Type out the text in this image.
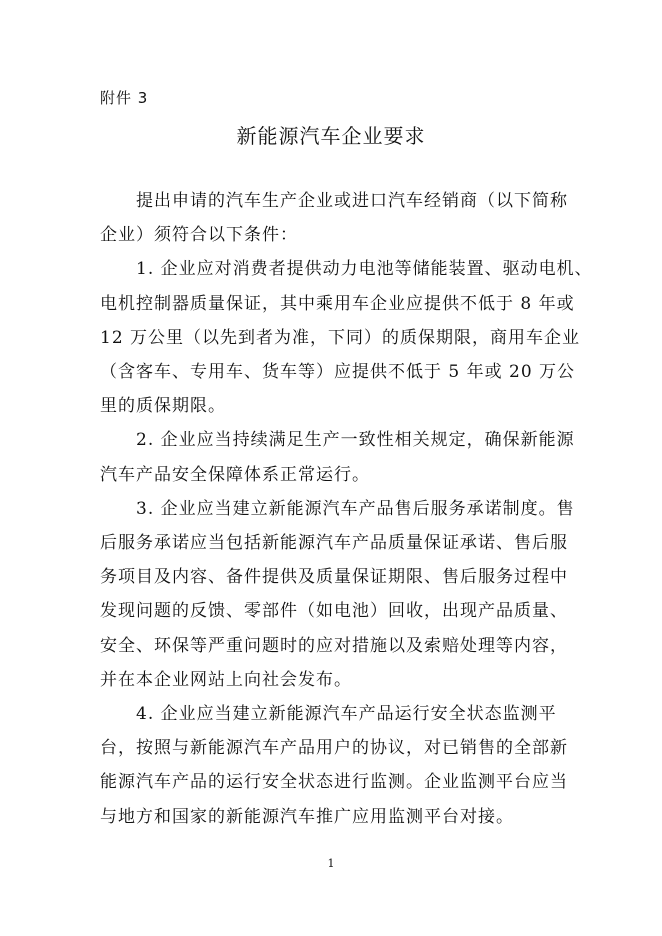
附件 3
新能源汽车企业要求

提出申请的汽车生产企业或进口汽车经销商（以下简称
企业）须符合以下条件：

1. 企业应对消费者提供动力电池等储能装置、驱动电机、
电机控制器质量保证，其中乘用车企业应提供不低于 8 年或
12 万公里（以先到者为准，下同）的质保期限，商用车企业
（含客车、专用车、货车等）应提供不低于 5 年或 20 万公
里的质保期限。

2. 企业应当持续满足生产一致性相关规定，确保新能源
汽车产品安全保障体系正常运行。

3. 企业应当建立新能源汽车产品售后服务承诺制度。售
后服务承诺应当包括新能源汽车产品质量保证承诺、售后服
务项目及内容、备件提供及质量保证期限、售后服务过程中
发现问题的反馈、零部件（如电池）回收，出现产品质量、
安全、环保等严重问题时的应对措施以及索赔处理等内容，
并在本企业网站上向社会发布。

4. 企业应当建立新能源汽车产品运行安全状态监测平
台，按照与新能源汽车产品用户的协议，对已销售的全部新
能源汽车产品的运行安全状态进行监测。企业监测平台应当
与地方和国家的新能源汽车推广应用监测平台对接。

1
